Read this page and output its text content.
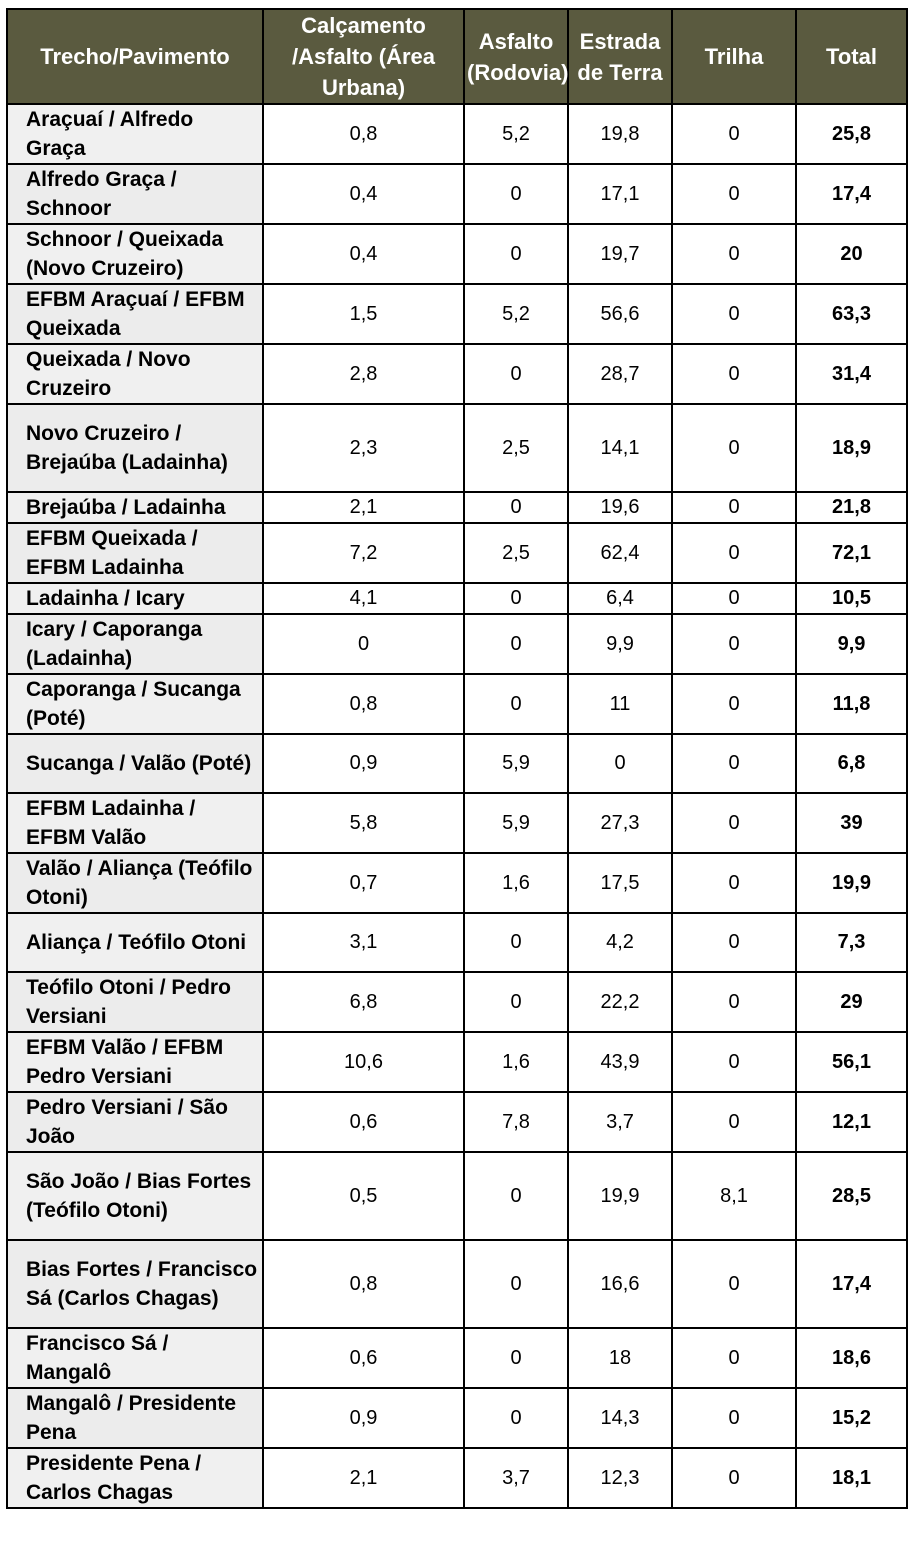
Trecho/Pavimento	Calçamento /Asfalto (Área Urbana)	Asfalto (Rodovia)	Estrada de Terra	Trilha	Total
Araçuaí / Alfredo Graça	0,8	5,2	19,8	0	25,8
Alfredo Graça / Schnoor	0,4	0	17,1	0	17,4
Schnoor / Queixada (Novo Cruzeiro)	0,4	0	19,7	0	20
EFBM Araçuaí / EFBM Queixada	1,5	5,2	56,6	0	63,3
Queixada / Novo Cruzeiro	2,8	0	28,7	0	31,4
Novo Cruzeiro / Brejaúba (Ladainha)	2,3	2,5	14,1	0	18,9
Brejaúba / Ladainha	2,1	0	19,6	0	21,8
EFBM Queixada / EFBM Ladainha	7,2	2,5	62,4	0	72,1
Ladainha / Icary	4,1	0	6,4	0	10,5
Icary / Caporanga (Ladainha)	0	0	9,9	0	9,9
Caporanga / Sucanga (Poté)	0,8	0	11	0	11,8
Sucanga / Valão (Poté)	0,9	5,9	0	0	6,8
EFBM Ladainha / EFBM Valão	5,8	5,9	27,3	0	39
Valão / Aliança (Teófilo Otoni)	0,7	1,6	17,5	0	19,9
Aliança / Teófilo Otoni	3,1	0	4,2	0	7,3
Teófilo Otoni / Pedro Versiani	6,8	0	22,2	0	29
EFBM Valão / EFBM Pedro Versiani	10,6	1,6	43,9	0	56,1
Pedro Versiani / São João	0,6	7,8	3,7	0	12,1
São João / Bias Fortes (Teófilo Otoni)	0,5	0	19,9	8,1	28,5
Bias Fortes / Francisco Sá (Carlos Chagas)	0,8	0	16,6	0	17,4
Francisco Sá / Mangalô	0,6	0	18	0	18,6
Mangalô / Presidente Pena	0,9	0	14,3	0	15,2
Presidente Pena / Carlos Chagas	2,1	3,7	12,3	0	18,1
